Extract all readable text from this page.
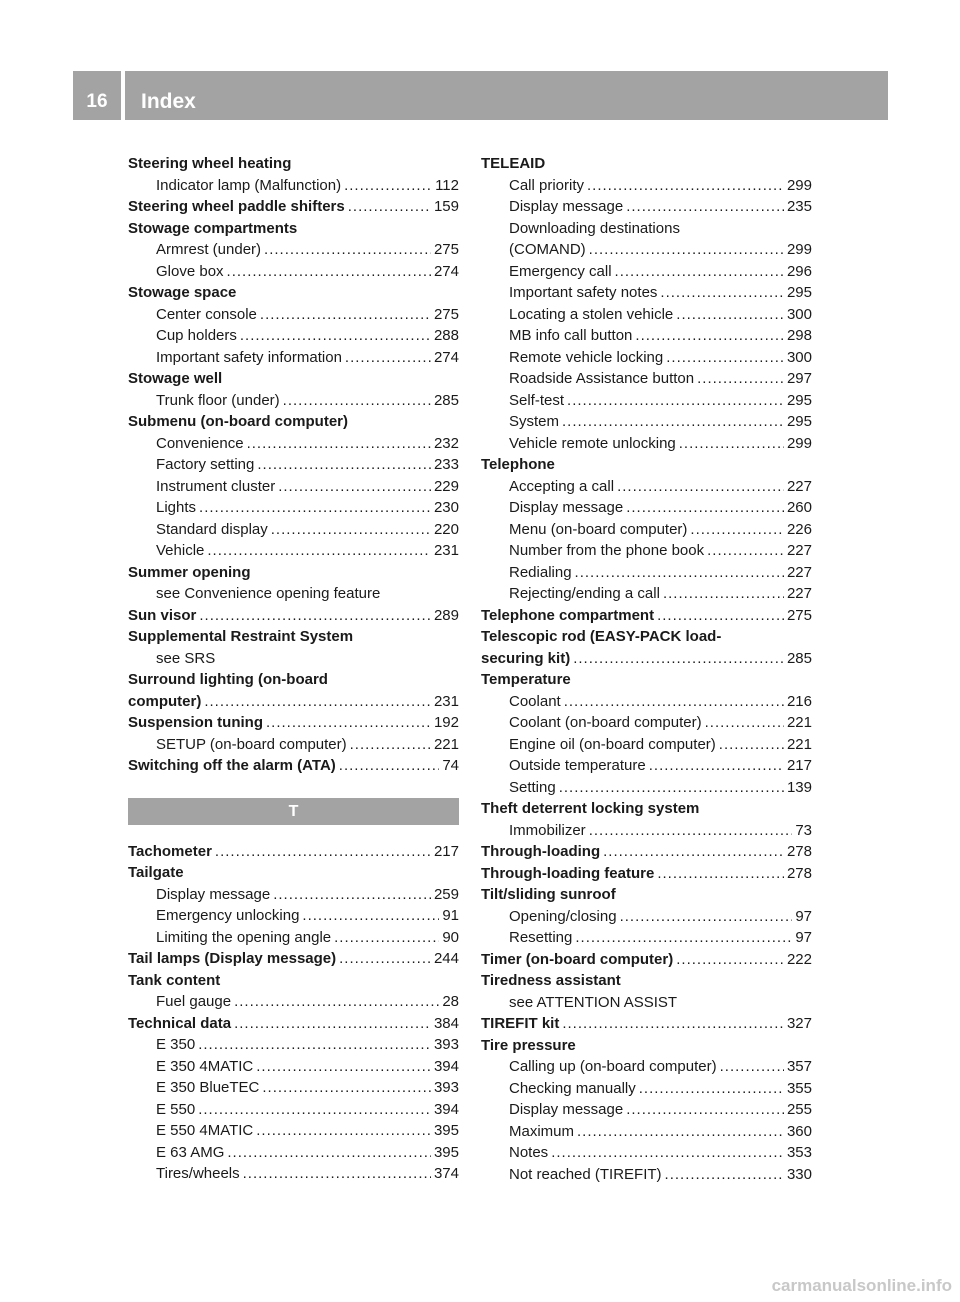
16	Index
Steering wheel heating
Indicator lamp (Malfunction) .....	112
Steering wheel paddle shifters .....	159
Stowage compartments
Armrest (under) .....	275
Glove box .....	274
Stowage space
Center console .....	275
Cup holders .....	288
Important safety information .....	274
Stowage well
Trunk floor (under) .....	285
Submenu (on-board computer)
Convenience .....	232
Factory setting .....	233
Instrument cluster .....	229
Lights .....	230
Standard display .....	220
Vehicle .....	231
Summer opening
see Convenience opening feature
Sun visor .....	289
Supplemental Restraint System
see SRS
Surround lighting (on-board
computer) .....	231
Suspension tuning .....	192
SETUP (on-board computer) .....	221
Switching off the alarm (ATA) .....	74
T
Tachometer .....	217
Tailgate
Display message .....	259
Emergency unlocking .....	91
Limiting the opening angle .....	90
Tail lamps (Display message) .....	244
Tank content
Fuel gauge .....	28
Technical data .....	384
E 350 .....	393
E 350 4MATIC .....	394
E 350 BlueTEC .....	393
E 550 .....	394
E 550 4MATIC .....	395
E 63 AMG .....	395
Tires/wheels .....	374
TELEAID
Call priority .....	299
Display message .....	235
Downloading destinations
(COMAND) .....	299
Emergency call .....	296
Important safety notes .....	295
Locating a stolen vehicle .....	300
MB info call button .....	298
Remote vehicle locking .....	300
Roadside Assistance button .....	297
Self-test .....	295
System .....	295
Vehicle remote unlocking .....	299
Telephone
Accepting a call .....	227
Display message .....	260
Menu (on-board computer) .....	226
Number from the phone book .....	227
Redialing .....	227
Rejecting/ending a call .....	227
Telephone compartment .....	275
Telescopic rod (EASY-PACK load-
securing kit) .....	285
Temperature
Coolant .....	216
Coolant (on-board computer) .....	221
Engine oil (on-board computer) .....	221
Outside temperature .....	217
Setting .....	139
Theft deterrent locking system
Immobilizer .....	73
Through-loading .....	278
Through-loading feature .....	278
Tilt/sliding sunroof
Opening/closing .....	97
Resetting .....	97
Timer (on-board computer) .....	222
Tiredness assistant
see ATTENTION ASSIST
TIREFIT kit .....	327
Tire pressure
Calling up (on-board computer) .....	357
Checking manually .....	355
Display message .....	255
Maximum .....	360
Notes .....	353
Not reached (TIREFIT) .....	330
carmanualsonline.info
